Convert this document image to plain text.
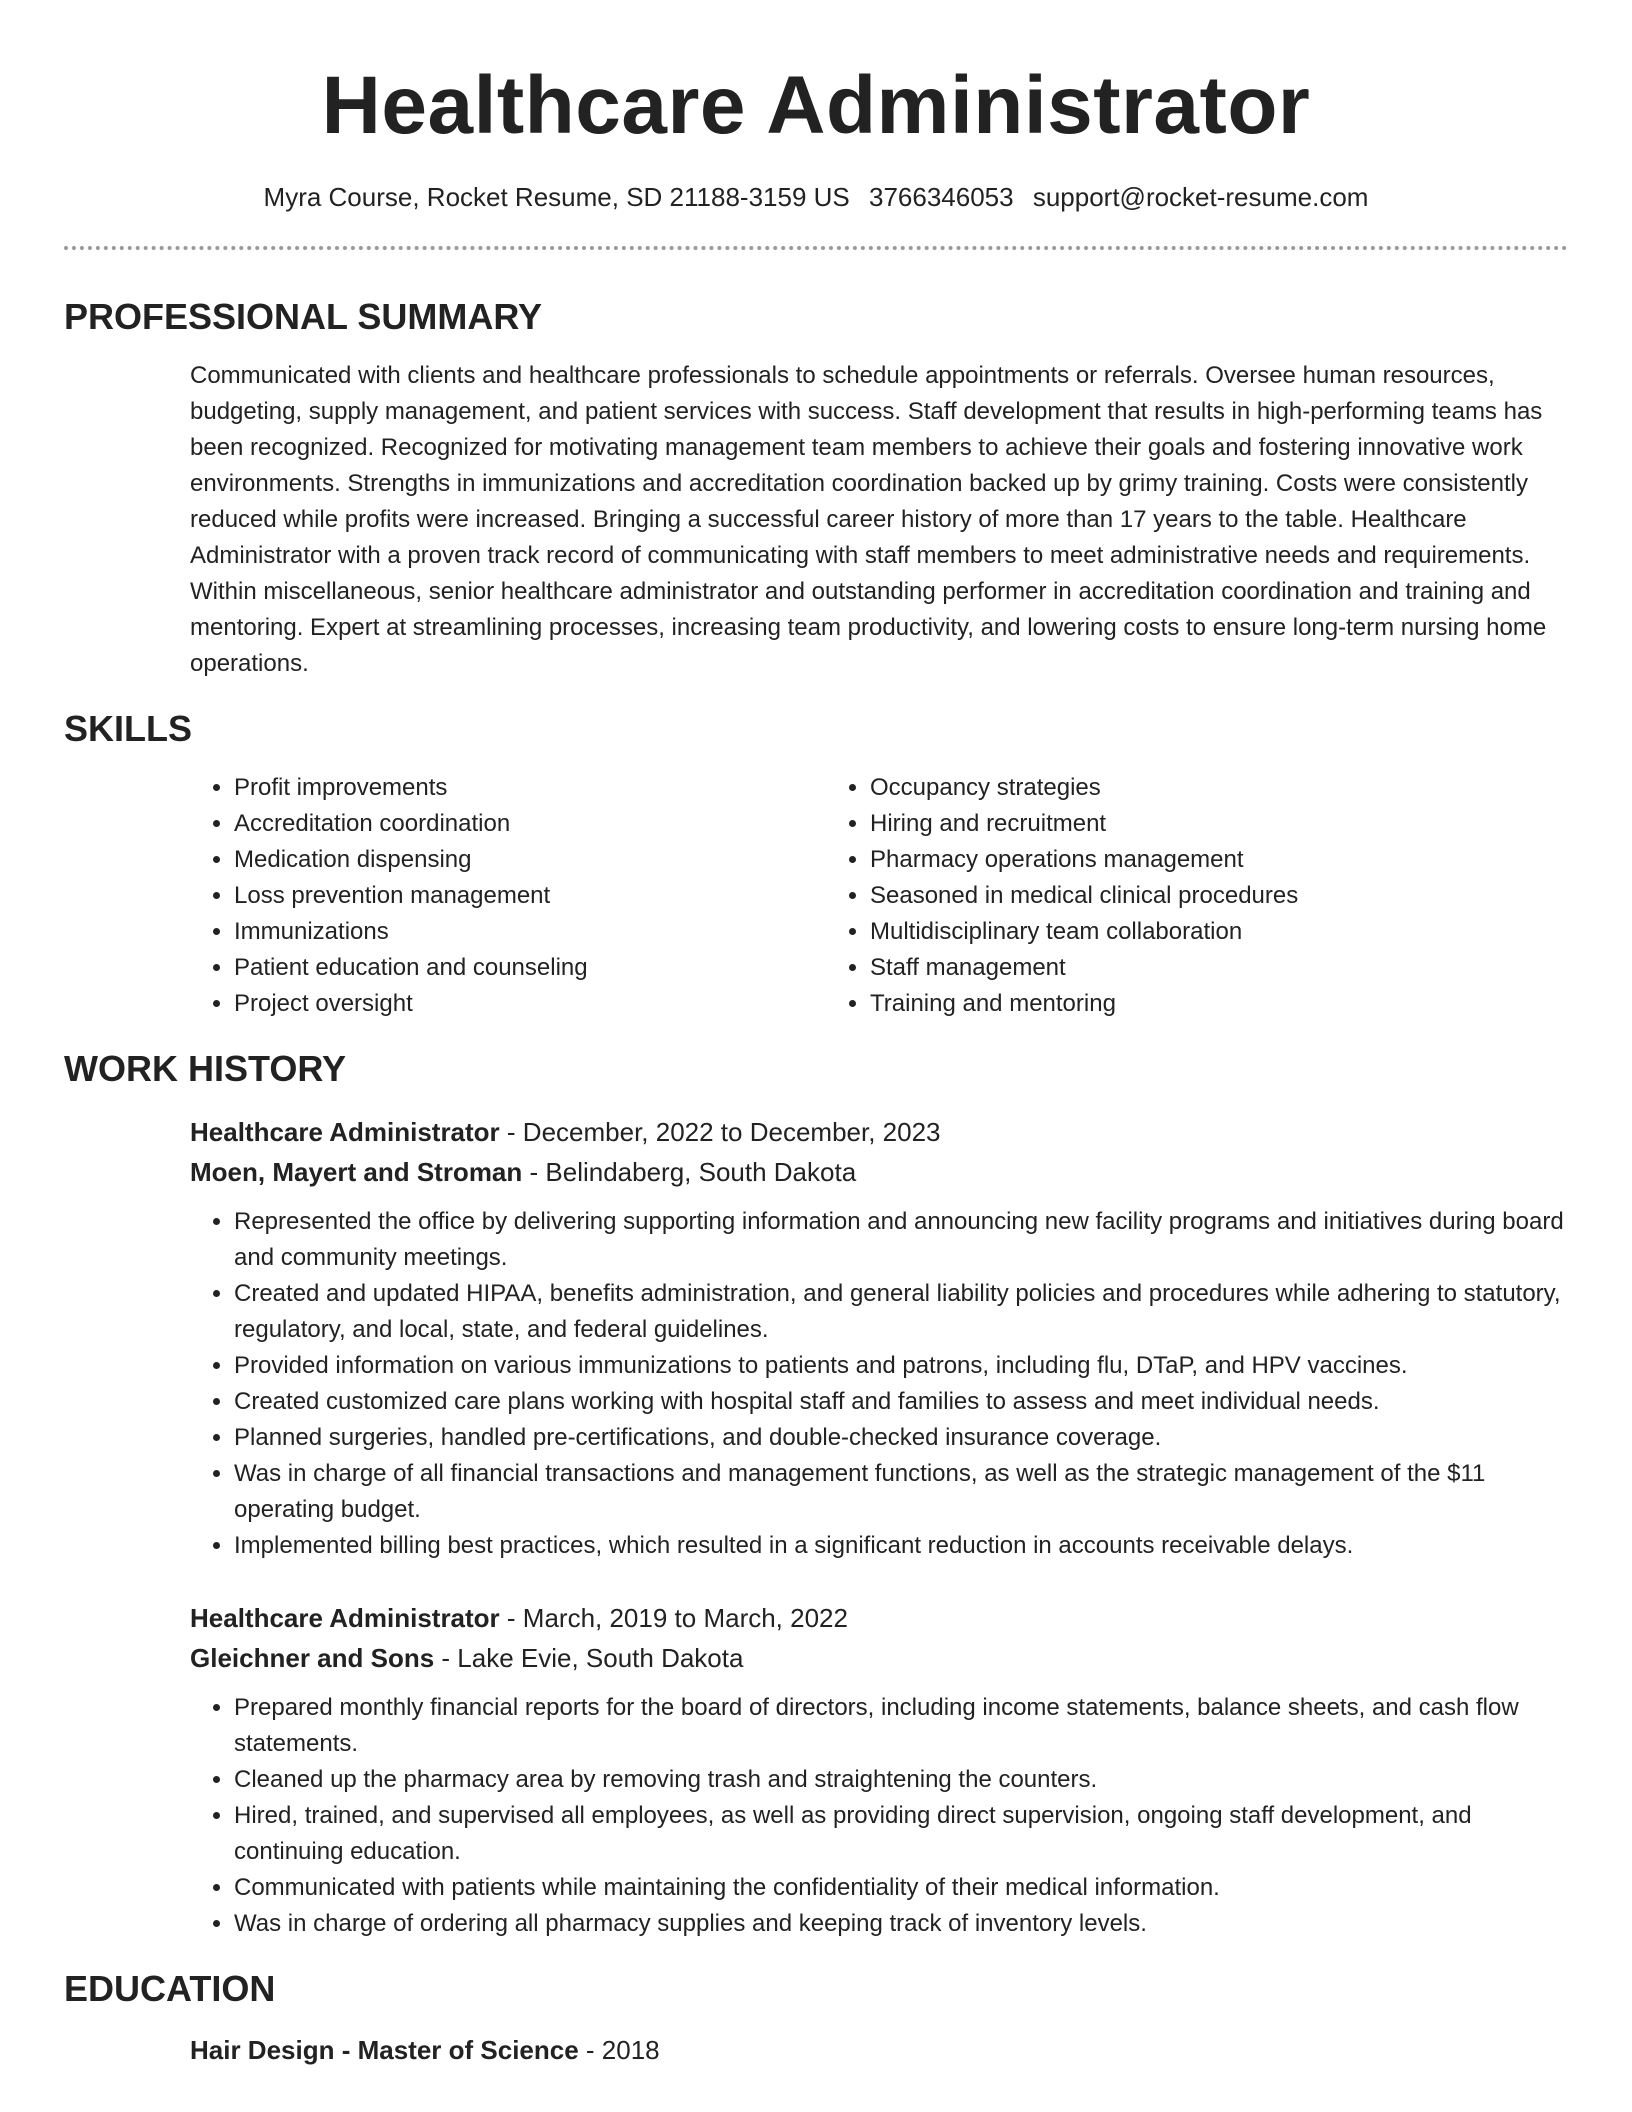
Healthcare Administrator
Myra Course, Rocket Resume, SD 21188-3159 US 3766346053 support@rocket-resume.com
PROFESSIONAL SUMMARY

Communicated with clients and healthcare professionals to schedule appointments or referrals. Oversee human resources, budgeting, supply management, and patient services with success. Staff development that results in high-performing teams has been recognized. Recognized for motivating management team members to achieve their goals and fostering innovative work environments. Strengths in immunizations and accreditation coordination backed up by grimy training. Costs were consistently reduced while profits were increased. Bringing a successful career history of more than 17 years to the table. Healthcare Administrator with a proven track record of communicating with staff members to meet administrative needs and requirements. Within miscellaneous, senior healthcare administrator and outstanding performer in accreditation coordination and training and mentoring. Expert at streamlining processes, increasing team productivity, and lowering costs to ensure long-term nursing home operations.

SKILLS
• Profit improvements
• Accreditation coordination
• Medication dispensing
• Loss prevention management
• Immunizations
• Patient education and counseling
• Project oversight
• Occupancy strategies
• Hiring and recruitment
• Pharmacy operations management
• Seasoned in medical clinical procedures
• Multidisciplinary team collaboration
• Staff management
• Training and mentoring
WORK HISTORY
Healthcare Administrator - December, 2022 to December, 2023
Moen, Mayert and Stroman - Belindaberg, South Dakota
• Represented the office by delivering supporting information and announcing new facility programs and initiatives during board and community meetings.
• Created and updated HIPAA, benefits administration, and general liability policies and procedures while adhering to statutory, regulatory, and local, state, and federal guidelines.
• Provided information on various immunizations to patients and patrons, including flu, DTaP, and HPV vaccines.
• Created customized care plans working with hospital staff and families to assess and meet individual needs.
• Planned surgeries, handled pre-certifications, and double-checked insurance coverage.
• Was in charge of all financial transactions and management functions, as well as the strategic management of the $11 operating budget.
• Implemented billing best practices, which resulted in a significant reduction in accounts receivable delays.
Healthcare Administrator - March, 2019 to March, 2022
Gleichner and Sons - Lake Evie, South Dakota
• Prepared monthly financial reports for the board of directors, including income statements, balance sheets, and cash flow statements.
• Cleaned up the pharmacy area by removing trash and straightening the counters.
• Hired, trained, and supervised all employees, as well as providing direct supervision, ongoing staff development, and continuing education.
• Communicated with patients while maintaining the confidentiality of their medical information.
• Was in charge of ordering all pharmacy supplies and keeping track of inventory levels.
EDUCATION
Hair Design - Master of Science - 2018
